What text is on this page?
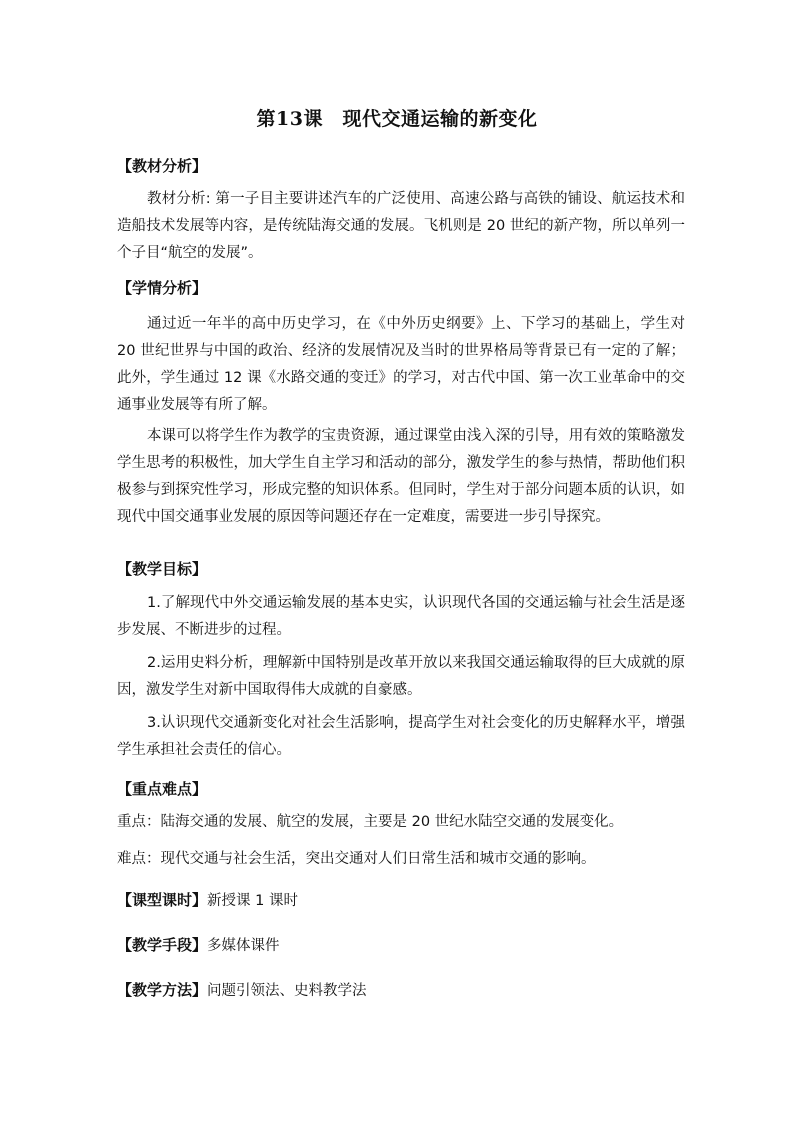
第13课　现代交通运输的新变化
【教材分析】
教材分析: 第一子目主要讲述汽车的广泛使用、高速公路与高铁的铺设、航运技术和造船技术发展等内容，是传统陆海交通的发展。飞机则是 20 世纪的新产物，所以单列一个子目“航空的发展”。
【学情分析】
通过近一年半的高中历史学习，在《中外历史纲要》上、下学习的基础上，学生对 20 世纪世界与中国的政治、经济的发展情况及当时的世界格局等背景已有一定的了解；此外，学生通过 12 课《水路交通的变迁》的学习，对古代中国、第一次工业革命中的交通事业发展等有所了解。
本课可以将学生作为教学的宝贵资源，通过课堂由浅入深的引导，用有效的策略激发学生思考的积极性，加大学生自主学习和活动的部分，激发学生的参与热情，帮助他们积极参与到探究性学习，形成完整的知识体系。但同时，学生对于部分问题本质的认识，如现代中国交通事业发展的原因等问题还存在一定难度，需要进一步引导探究。
【教学目标】
1.了解现代中外交通运输发展的基本史实，认识现代各国的交通运输与社会生活是逐步发展、不断进步的过程。
2.运用史料分析，理解新中国特别是改革开放以来我国交通运输取得的巨大成就的原因，激发学生对新中国取得伟大成就的自豪感。
3.认识现代交通新变化对社会生活影响，提高学生对社会变化的历史解释水平，增强学生承担社会责任的信心。
【重点难点】
重点：陆海交通的发展、航空的发展，主要是 20 世纪水陆空交通的发展变化。
难点：现代交通与社会生活，突出交通对人们日常生活和城市交通的影响。
【课型课时】新授课 1 课时
【教学手段】多媒体课件
【教学方法】问题引领法、史料教学法
